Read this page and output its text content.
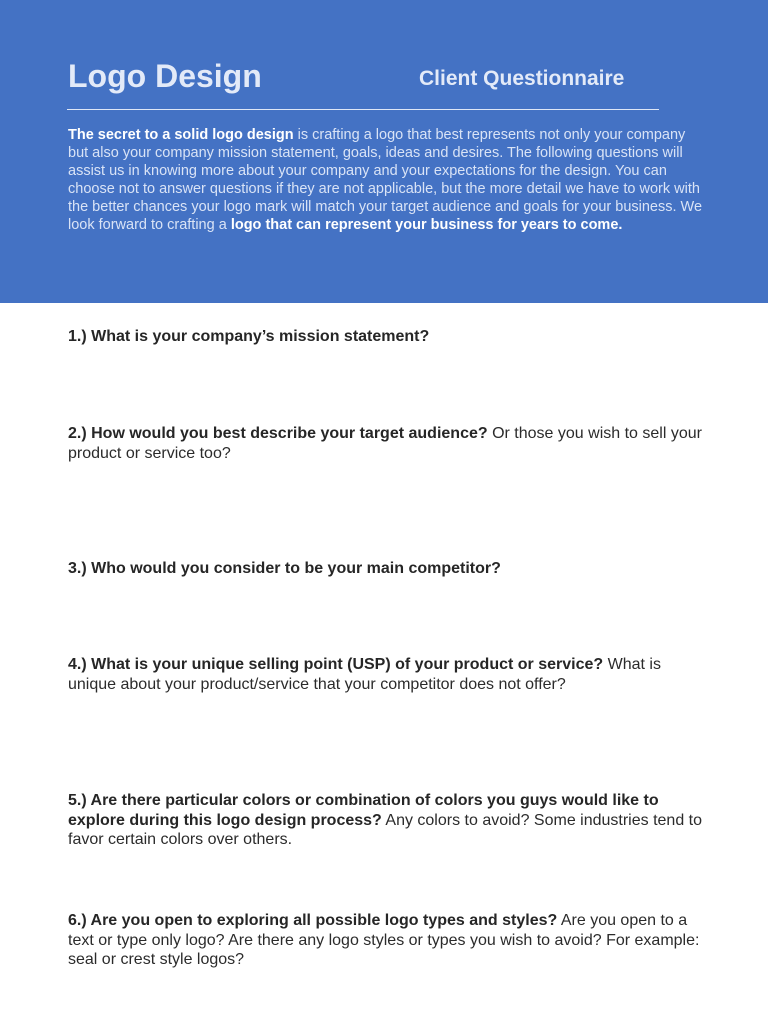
Logo Design	Client Questionnaire

The secret to a solid logo design is crafting a logo that best represents not only your company but also your company mission statement, goals, ideas and desires. The following questions will assist us in knowing more about your company and your expectations for the design. You can choose not to answer questions if they are not applicable, but the more detail we have to work with the better chances your logo mark will match your target audience and goals for your business. We look forward to crafting a logo that can represent your business for years to come.

1.) What is your company’s mission statement?

2.) How would you best describe your target audience? Or those you wish to sell your product or service too?

3.) Who would you consider to be your main competitor?

4.) What is your unique selling point (USP) of your product or service? What is unique about your product/service that your competitor does not offer?

5.) Are there particular colors or combination of colors you guys would like to explore during this logo design process? Any colors to avoid? Some industries tend to favor certain colors over others.

6.) Are you open to exploring all possible logo types and styles? Are you open to a text or type only logo? Are there any logo styles or types you wish to avoid? For example: seal or crest style logos?
